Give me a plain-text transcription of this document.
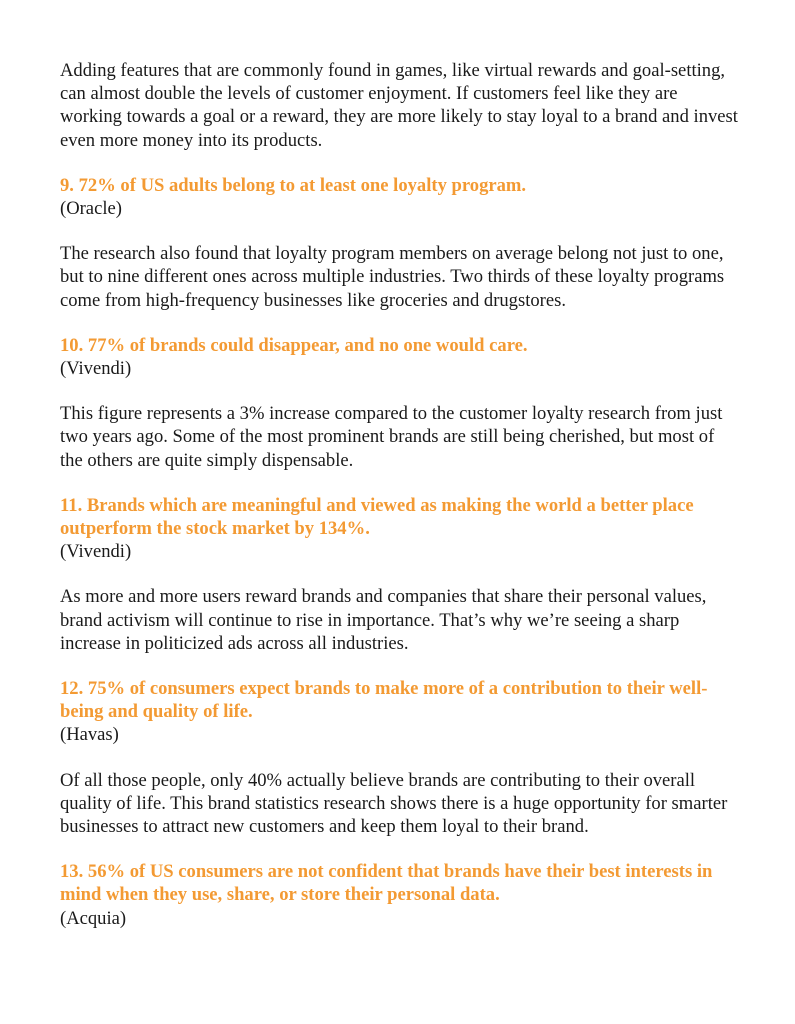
Adding features that are commonly found in games, like virtual rewards and goal-setting, can almost double the levels of customer enjoyment. If customers feel like they are working towards a goal or a reward, they are more likely to stay loyal to a brand and invest even more money into its products.

9. 72% of US adults belong to at least one loyalty program.

(Oracle)

The research also found that loyalty program members on average belong not just to one, but to nine different ones across multiple industries. Two thirds of these loyalty programs come from high-frequency businesses like groceries and drugstores.

10. 77% of brands could disappear, and no one would care.

(Vivendi)

This figure represents a 3% increase compared to the customer loyalty research from just two years ago. Some of the most prominent brands are still being cherished, but most of the others are quite simply dispensable.

11. Brands which are meaningful and viewed as making the world a better place outperform the stock market by 134%.

(Vivendi)

As more and more users reward brands and companies that share their personal values, brand activism will continue to rise in importance. That’s why we’re seeing a sharp increase in politicized ads across all industries.

12. 75% of consumers expect brands to make more of a contribution to their well-being and quality of life.

(Havas)

Of all those people, only 40% actually believe brands are contributing to their overall quality of life. This brand statistics research shows there is a huge opportunity for smarter businesses to attract new customers and keep them loyal to their brand.

13. 56% of US consumers are not confident that brands have their best interests in mind when they use, share, or store their personal data.

(Acquia)
